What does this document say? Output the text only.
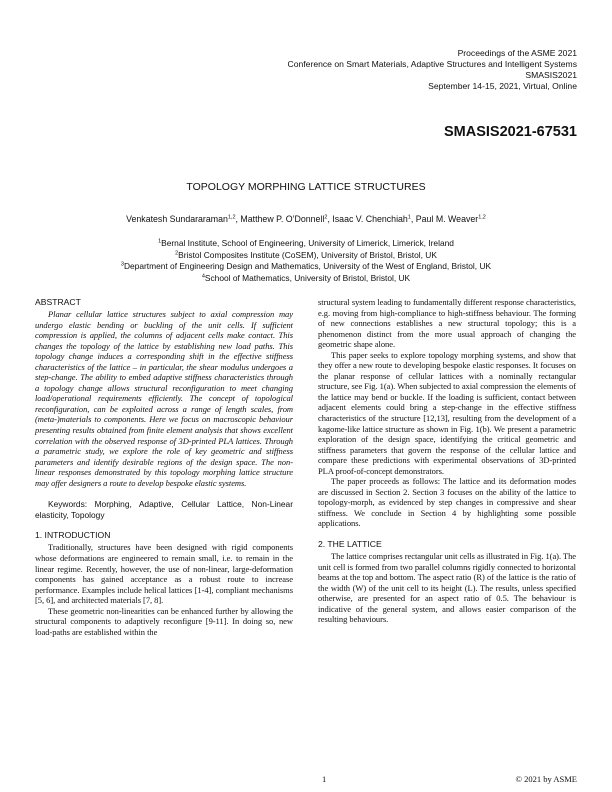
Proceedings of the ASME 2021
Conference on Smart Materials, Adaptive Structures and Intelligent Systems
SMASIS2021
September 14-15, 2021, Virtual, Online
SMASIS2021-67531
TOPOLOGY MORPHING LATTICE STRUCTURES
Venkatesh Sundararaman$^{1,2}$, Matthew P. O’Donnell$^2$, Isaac V. Chenchiah$^1$, Paul M. Weaver$^{1,2}$
$^1$Bernal Institute, School of Engineering, University of Limerick, Limerick, Ireland
$^2$Bristol Composites Institute (CoSEM), University of Bristol, Bristol, UK
$^3$Department of Engineering Design and Mathematics, University of the West of England, Bristol, UK
$^4$School of Mathematics, University of Bristol, Bristol, UK
ABSTRACT

Planar cellular lattice structures subject to axial compression may undergo elastic bending or buckling of the unit cells. If sufficient compression is applied, the columns of adjacent cells make contact. This changes the topology of the lattice by establishing new load paths. This topology change induces a corresponding shift in the effective stiffness characteristics of the lattice – in particular, the shear modulus undergoes a step-change. The ability to embed adaptive stiffness characteristics through a topology change allows structural reconfiguration to meet changing load/operational requirements efficiently. The concept of topological reconfiguration, can be exploited across a range of length scales, from (meta-)materials to components. Here we focus on macroscopic behaviour presenting results obtained from finite element analysis that shows excellent correlation with the observed response of 3D-printed PLA lattices. Through a parametric study, we explore the role of key geometric and stiffness parameters and identify desirable regions of the design space. The non-linear responses demonstrated by this topology morphing lattice structure may offer designers a route to develop bespoke elastic systems.

Keywords: Morphing, Adaptive, Cellular Lattice, Non-Linear elasticity, Topology
1. INTRODUCTION

Traditionally, structures have been designed with rigid components whose deformations are engineered to remain small, i.e. to remain in the linear regime. Recently, however, the use of non-linear, large-deformation components has gained acceptance as a robust route to increase performance. Examples include helical lattices [1-4], compliant mechanisms [5, 6], and architected materials [7, 8].

These geometric non-linearities can be enhanced further by allowing the structural components to adaptively reconfigure [9-11]. In doing so, new load-paths are established within the

structural system leading to fundamentally different response characteristics, e.g. moving from high-compliance to high-stiffness behaviour. The forming of new connections establishes a new structural topology; this is a phenomenon distinct from the more usual approach of changing the geometric shape alone.

This paper seeks to explore topology morphing systems, and show that they offer a new route to developing bespoke elastic responses. It focuses on the planar response of cellular lattices with a nominally rectangular structure, see Fig. 1(a). When subjected to axial compression the elements of the lattice may bend or buckle. If the loading is sufficient, contact between adjacent elements could bring a step-change in the effective stiffness characteristics of the structure [12,13], resulting from the development of a kagome-like lattice structure as shown in Fig. 1(b). We present a parametric exploration of the design space, identifying the critical geometric and stiffness parameters that govern the response of the cellular lattice and compare these predictions with experimental observations of 3D-printed PLA proof-of-concept demonstrators.

The paper proceeds as follows: The lattice and its deformation modes are discussed in Section 2. Section 3 focuses on the ability of the lattice to topology-morph, as evidenced by step changes in compressive and shear stiffness. We conclude in Section 4 by highlighting some possible applications.

2. THE LATTICE

The lattice comprises rectangular unit cells as illustrated in Fig. 1(a). The unit cell is formed from two parallel columns rigidly connected to horizontal beams at the top and bottom. The aspect ratio (R) of the lattice is the ratio of the width (W) of the unit cell to its height (L). The results, unless specified otherwise, are presented for an aspect ratio of 0.5. The behaviour is indicative of the general system, and allows easier comparison of the resulting behaviours.

1	© 2021 by ASME
